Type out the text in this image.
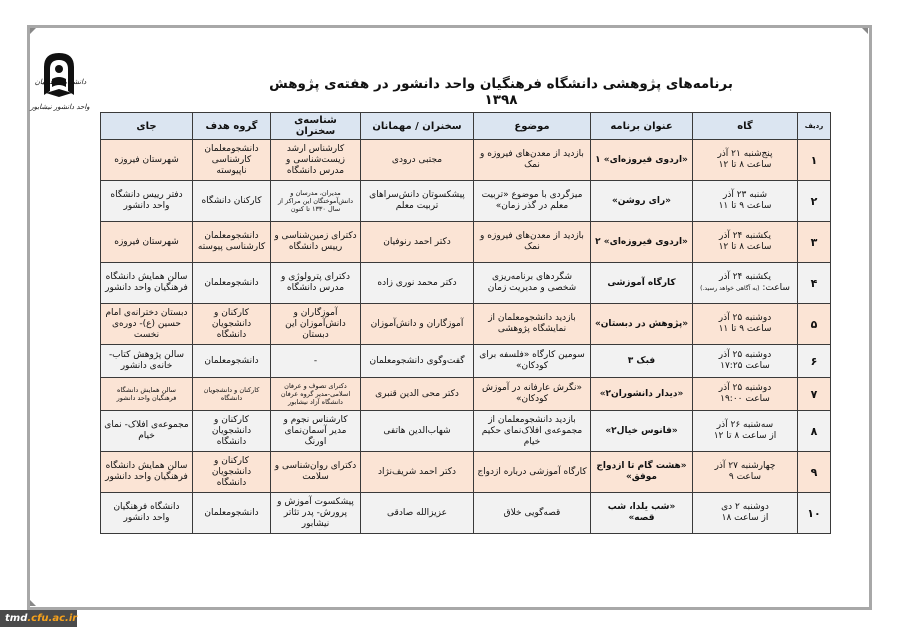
دانشگاه فرهنگیان
واحد دانشور نیشابور
برنامه‌های پژوهشی دانشگاه فرهنگیان واحد دانشور در هفته‌ی پژوهش ۱۳۹۸
ردیف	گاه	عنوان برنامه	موضوع	سخنران / مهمانان	شناسه‌ی سخنران	گروه هدف	جای
۱	پنج‌شنبه ۲۱ آذر
ساعت ۸ تا ۱۲	«اردوی فیروزه‌ای» ۱	بازدید از معدن‌های فیروزه و نمک	مجتبی درودی	کارشناس ارشد زیست‌شناسی و مدرس دانشگاه	دانشجومعلمان کارشناسی ناپیوسته	شهرستان فیروزه
۲	شنبه ۲۳ آذر
ساعت ۹ تا ۱۱	«رای روشن»	میزگردی با موضوع «تربیت معلم در گذر زمان»	پیشکسوتان دانش‌سراهای تربیت معلم	مدیران، مدرسان و دانش‌آموختگان این مراکز از سال ۱۳۳۰ تا کنون	کارکنان دانشگاه	دفتر رییس دانشگاه واحد دانشور
۳	یکشنبه ۲۴ آذر
ساعت ۸ تا ۱۲	«اردوی فیروزه‌ای» ۲	بازدید از معدن‌های فیروزه و نمک	دکتر احمد رنوفیان	دکترای زمین‌شناسی و رییس دانشگاه	دانشجومعلمان کارشناسی پیوسته	شهرستان فیروزه
۴	یکشنبه ۲۴ آذر
ساعت: (به آگاهی خواهد رسید.)	کارگاه آموزشی	شگردهای برنامه‌ریزی شخصی و مدیریت زمان	دکتر محمد نوری زاده	دکترای پترولوژی و مدرس دانشگاه	دانشجومعلمان	سالن همایش دانشگاه فرهنگیان واحد دانشور
۵	دوشنبه ۲۵ آذر
ساعت ۹ تا ۱۱	«پژوهش در دبستان»	بازدید دانشجومعلمان از نمایشگاه پژوهشی	آموزگاران و دانش‌آموزان	آموزگاران و دانش‌آموزان این دبستان	کارکنان و دانشجویان دانشگاه	دبستان دخترانه‌ی امام حسین (ع)- دوره‌ی نخست
۶	دوشنبه ۲۵ آذر
ساعت ۱۷:۲۵	فبک ۳	سومین کارگاه «فلسفه برای کودکان»	گفت‌وگوی دانشجومعلمان	-	دانشجومعلمان	سالن پژوهش کتاب- خانه‌ی دانشور
۷	دوشنبه ۲۵ آذر
ساعت ۱۹:۰۰	«دیدار دانشوران۲»	«نگرش عارفانه در آموزش کودکان»	دکتر محی الدین قنبری	دکترای تصوف و عرفان اسلامی-مدیر گروه عرفان دانشگاه آزاد نیشابور	کارکنان و دانشجویان دانشگاه	سالن همایش دانشگاه فرهنگیان واحد دانشور
۸	سه‌شنبه ۲۶ آذر
از ساعت ۸ تا ۱۲	«فانوس خیال۲»	بازدید دانشجومعلمان از مجموعه‌ی افلاک‌نمای حکیم خیام	شهاب‌الدین هاتفی	کارشناس نجوم و مدیر آسمان‌نمای اورنگ	کارکنان و دانشجویان دانشگاه	مجموعه‌ی افلاک- نمای خیام
۹	چهارشنبه ۲۷ آذر
ساعت ۹	«هشت گام تا ازدواج موفق»	کارگاه آموزشی درباره ازدواج	دکتر احمد شریف‌نژاد	دکترای روان‌شناسی و سلامت	کارکنان و دانشجویان دانشگاه	سالن همایش دانشگاه فرهنگیان واحد دانشور
۱۰	دوشنبه ۲ دی
از ساعت ۱۸	«شب یلدا، شب قصه»	قصه‌گویی خلاق	عزیزالله صادقی	پیشکسوت آموزش و پرورش- پدر تئاتر نیشابور	دانشجومعلمان	دانشگاه فرهنگیان واحد دانشور
tmd.cfu.ac.ir
